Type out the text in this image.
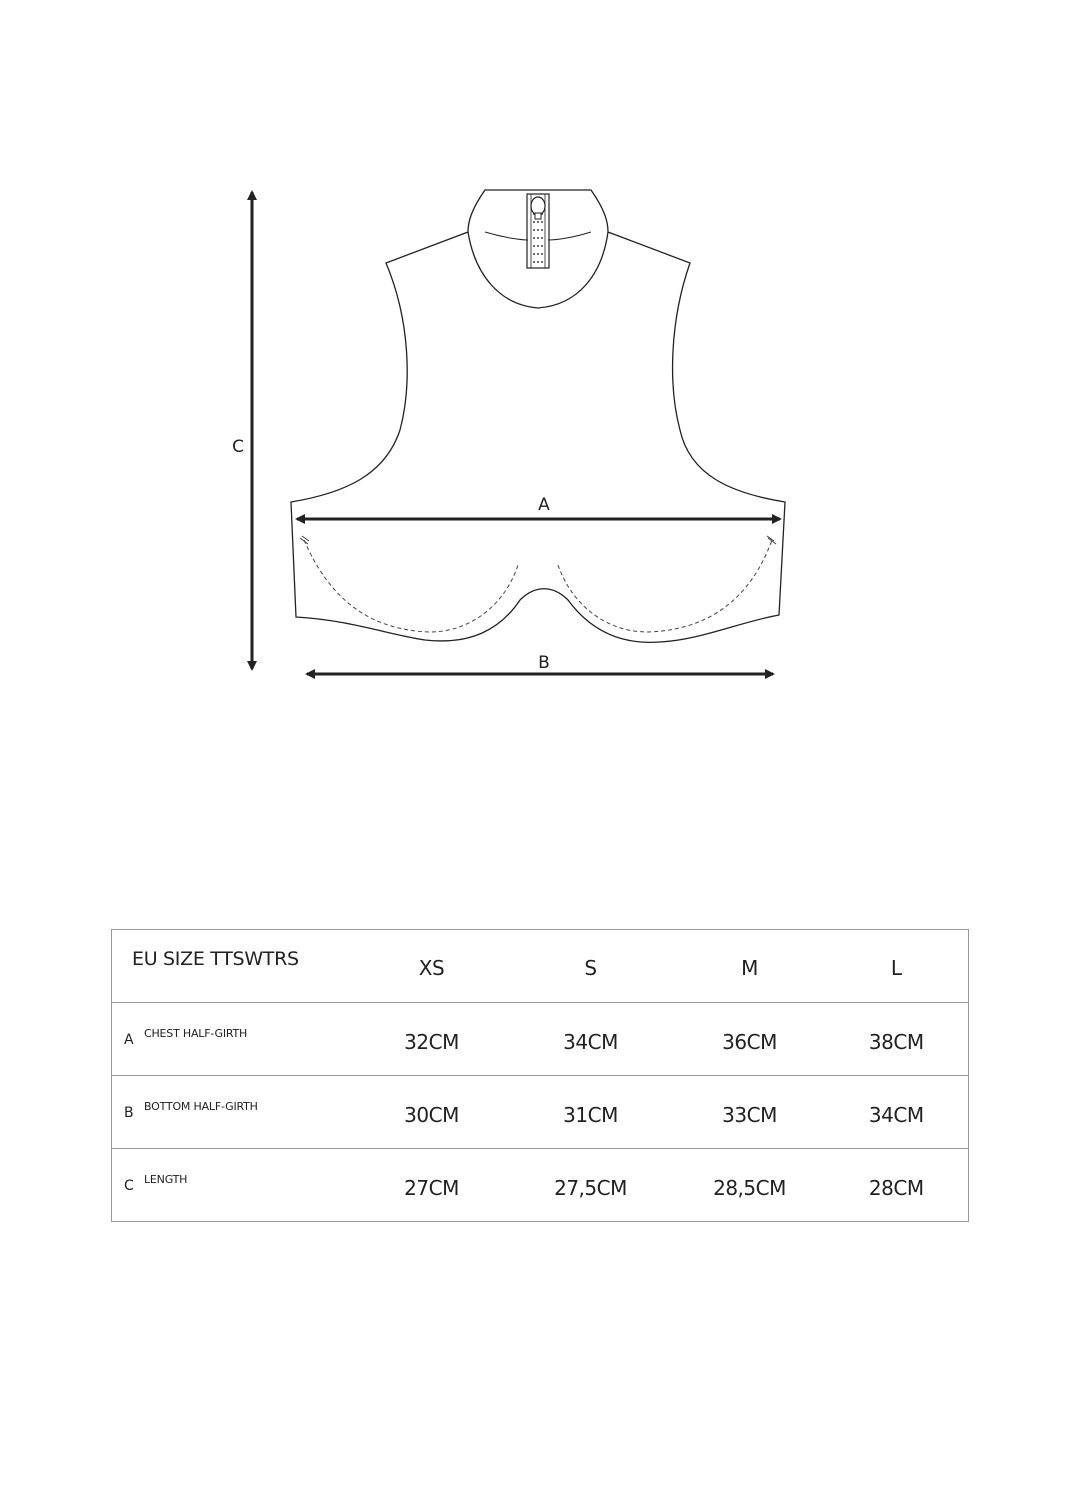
A
B
C
EU SIZE TTSWTRS	XS	S	M	L

A CHEST HALF-GIRTH	32CM	34CM	36CM	38CM

B BOTTOM HALF-GIRTH	30CM	31CM	33CM	34CM

C LENGTH	27CM	27,5CM	28,5CM	28CM
